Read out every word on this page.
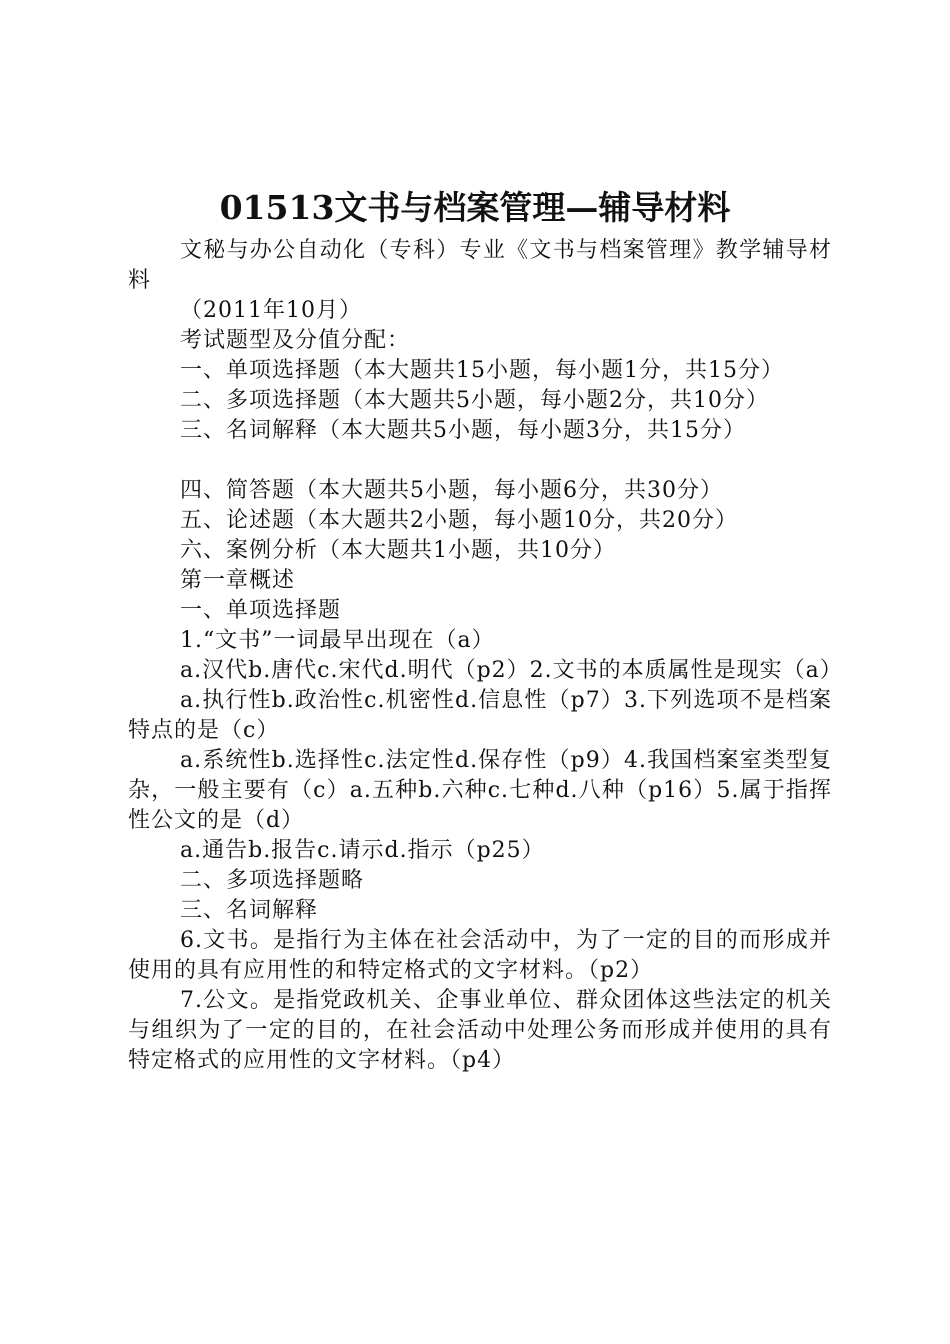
01513文书与档案管理—辅导材料

文秘与办公自动化（专科）专业《文书与档案管理》教学辅导材料

（2011年10月）

考试题型及分值分配：

一、单项选择题（本大题共15小题，每小题1分，共15分）

二、多项选择题（本大题共5小题，每小题2分，共10分）

三、名词解释（本大题共5小题，每小题3分，共15分）

四、简答题（本大题共5小题，每小题6分，共30分）

五、论述题（本大题共2小题，每小题10分，共20分）

六、案例分析（本大题共1小题，共10分）

第一章概述

一、单项选择题

1.“文书”一词最早出现在（a）

a.汉代b.唐代c.宋代d.明代（p2）2.文书的本质属性是现实（a）

a.执行性b.政治性c.机密性d.信息性（p7）3.下列选项不是档案特点的是（c）

a.系统性b.选择性c.法定性d.保存性（p9）4.我国档案室类型复杂，一般主要有（c）a.五种b.六种c.七种d.八种（p16）5.属于指挥性公文的是（d）

a.通告b.报告c.请示d.指示（p25）

二、多项选择题略

三、名词解释

6.文书。是指行为主体在社会活动中，为了一定的目的而形成并使用的具有应用性的和特定格式的文字材料。（p2）

7.公文。是指党政机关、企事业单位、群众团体这些法定的机关与组织为了一定的目的，在社会活动中处理公务而形成并使用的具有特定格式的应用性的文字材料。（p4）
